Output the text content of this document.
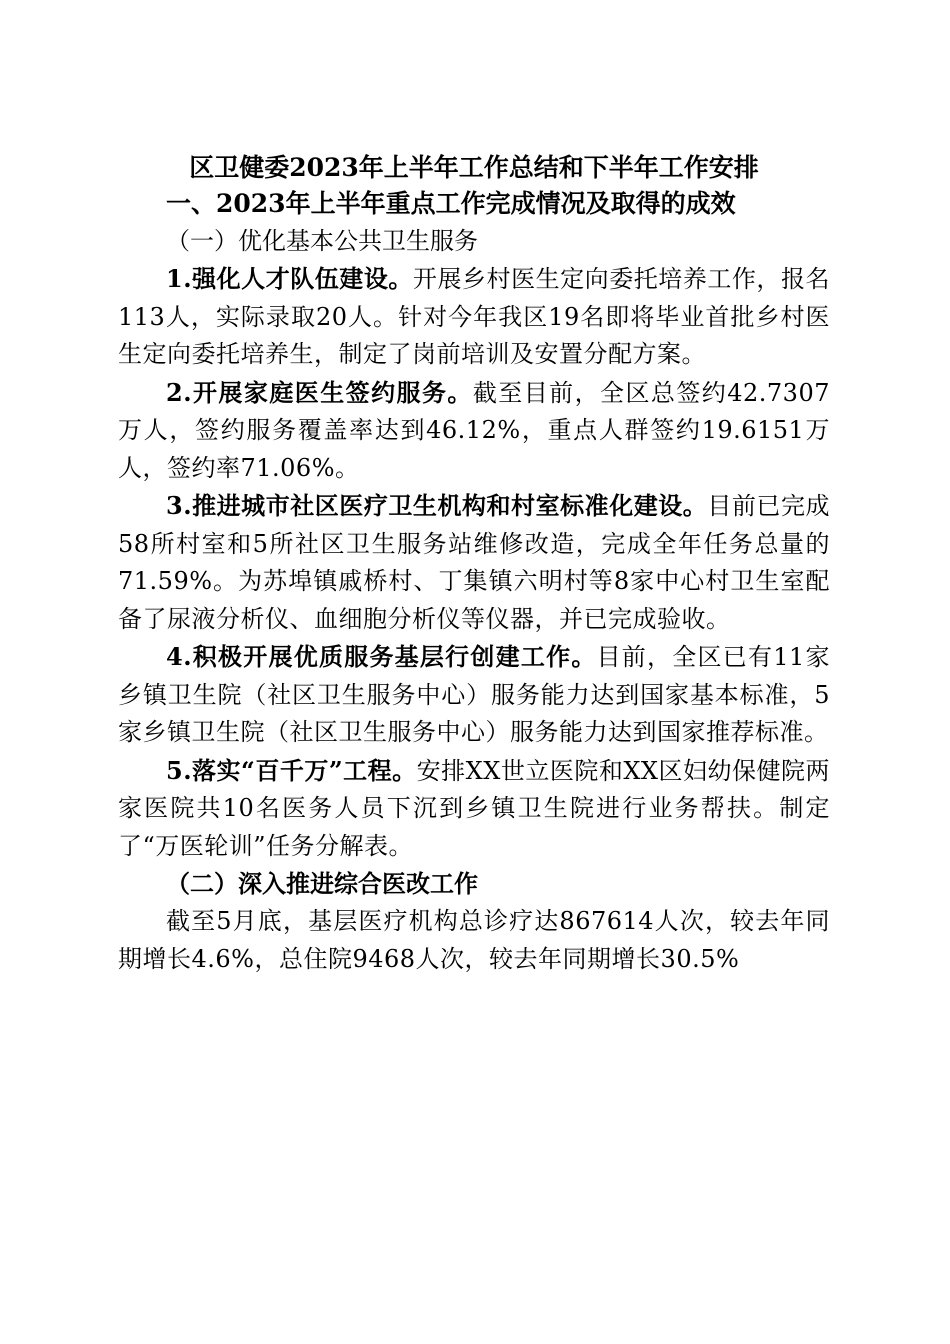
区卫健委2023年上半年工作总结和下半年工作安排

一、2023年上半年重点工作完成情况及取得的成效

（一）优化基本公共卫生服务

1.强化人才队伍建设。开展乡村医生定向委托培养工作，报名113人，实际录取20人。针对今年我区19名即将毕业首批乡村医生定向委托培养生，制定了岗前培训及安置分配方案。

2.开展家庭医生签约服务。截至目前，全区总签约42.7307万人，签约服务覆盖率达到46.12%，重点人群签约19.6151万人，签约率71.06%。

3.推进城市社区医疗卫生机构和村室标准化建设。目前已完成58所村室和5所社区卫生服务站维修改造，完成全年任务总量的71.59%。为苏埠镇戚桥村、丁集镇六明村等8家中心村卫生室配备了尿液分析仪、血细胞分析仪等仪器，并已完成验收。

4.积极开展优质服务基层行创建工作。目前，全区已有11家乡镇卫生院（社区卫生服务中心）服务能力达到国家基本标准，5家乡镇卫生院（社区卫生服务中心）服务能力达到国家推荐标准。

5.落实“百千万”工程。安排XX世立医院和XX区妇幼保健院两家医院共10名医务人员下沉到乡镇卫生院进行业务帮扶。制定了“万医轮训”任务分解表。

（二）深入推进综合医改工作

截至5月底，基层医疗机构总诊疗达867614人次，较去年同期增长4.6%，总住院9468人次，较去年同期增长30.5%
